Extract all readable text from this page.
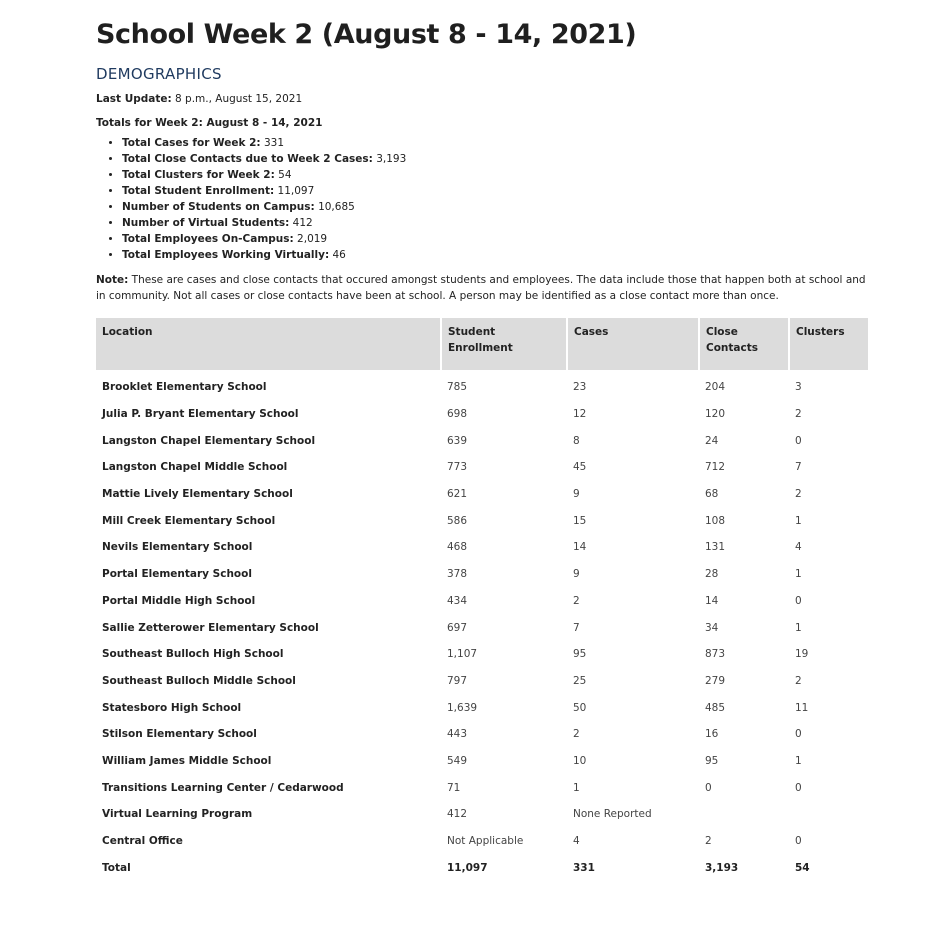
School Week 2 (August 8 - 14, 2021)
DEMOGRAPHICS
Last Update: 8 p.m., August 15, 2021
Totals for Week 2: August 8 - 14, 2021
• Total Cases for Week 2: 331
• Total Close Contacts due to Week 2 Cases: 3,193
• Total Clusters for Week 2: 54
• Total Student Enrollment: 11,097
• Number of Students on Campus: 10,685
• Number of Virtual Students: 412
• Total Employees On-Campus: 2,019
• Total Employees Working Virtually: 46
Note: These are cases and close contacts that occured amongst students and employees. The data include those that happen both at school and in community. Not all cases or close contacts have been at school. A person may be identified as a close contact more than once.
Location	Student Enrollment	Cases	Close Contacts	Clusters
Brooklet Elementary School	785	23	204	3
Julia P. Bryant Elementary School	698	12	120	2
Langston Chapel Elementary School	639	8	24	0
Langston Chapel Middle School	773	45	712	7
Mattie Lively Elementary School	621	9	68	2
Mill Creek Elementary School	586	15	108	1
Nevils Elementary School	468	14	131	4
Portal Elementary School	378	9	28	1
Portal Middle High School	434	2	14	0
Sallie Zetterower Elementary School	697	7	34	1
Southeast Bulloch High School	1,107	95	873	19
Southeast Bulloch Middle School	797	25	279	2
Statesboro High School	1,639	50	485	11
Stilson Elementary School	443	2	16	0
William James Middle School	549	10	95	1
Transitions Learning Center / Cedarwood	71	1	0	0
Virtual Learning Program	412	None Reported		
Central Office	Not Applicable	4	2	0
Total	11,097	331	3,193	54
